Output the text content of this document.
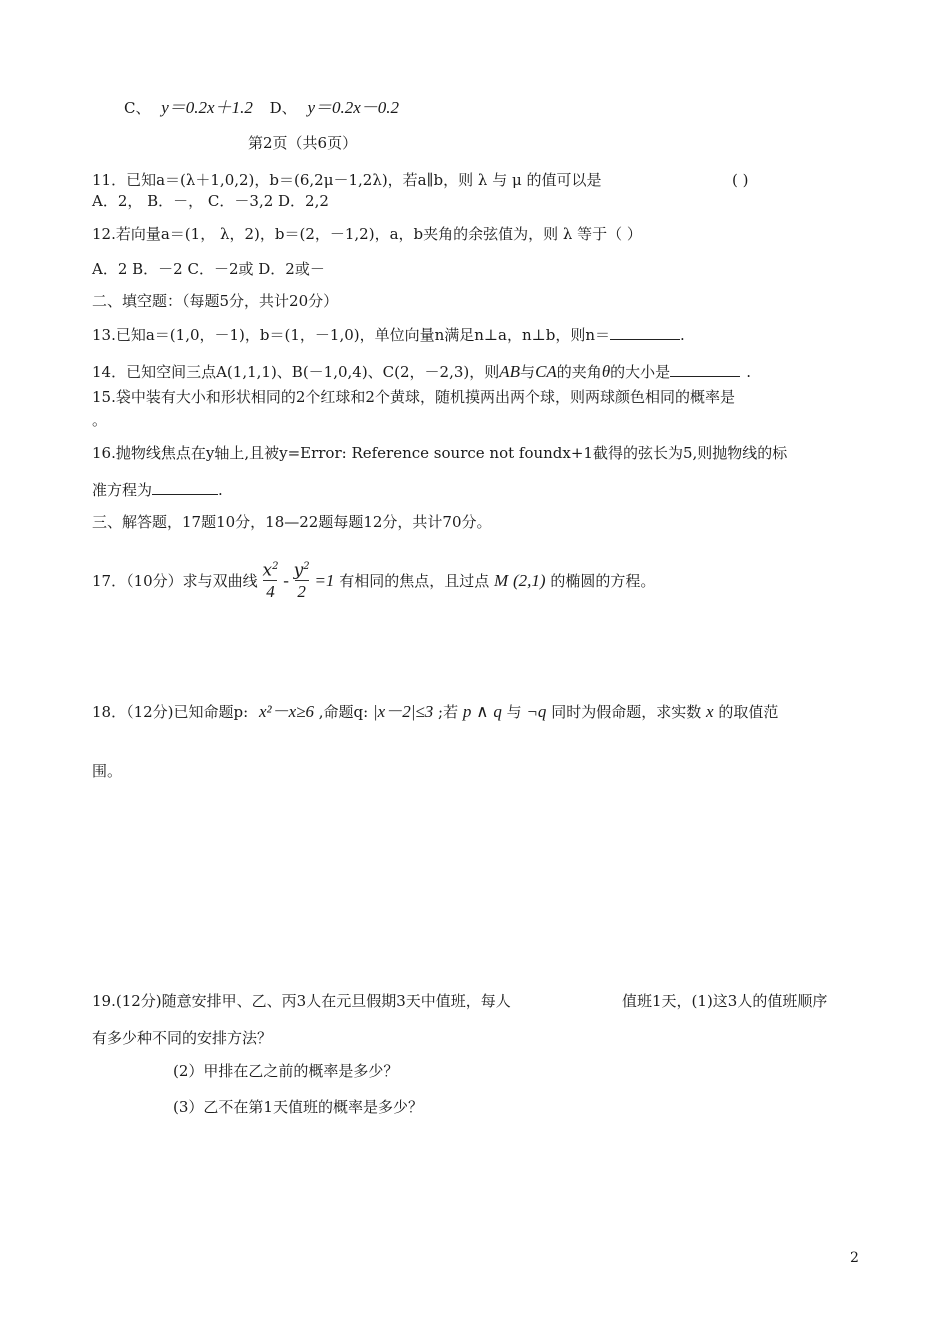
C、 y＝0.2x＋1.2 D、 y＝0.2x－0.2
第2页（共6页）
11．已知a＝(λ＋1,0,2)，b＝(6,2μ－1,2λ)，若a∥b，则 λ 与 μ 的值可以是	( )
A．2， B．－， C．－3,2 D．2,2
12.若向量a＝(1， λ，2)，b＝(2，－1,2)，a，b夹角的余弦值为，则 λ 等于（ ）
A．2 B．－2 C．－2或 D．2或－
二、填空题：（每题5分，共计20分）
13.已知a＝(1,0，－1)，b＝(1，－1,0)，单位向量n满足n⊥a，n⊥b，则n＝	.
14．已知空间三点A(1,1,1)、B(－1,0,4)、C(2，－2,3)，则AB与CA的夹角θ的大小是	.
15.袋中装有大小和形状相同的2个红球和2个黄球，随机摸两出两个球，则两球颜色相同的概率是
。
16.抛物线焦点在y轴上,且被y=Error: Reference source not foundx+1截得的弦长为5,则抛物线的标
准方程为	.
三、解答题，17题10分，18—22题每题12分，共计70分。
17．（10分）求与双曲线 $\frac{x^2}{4} - \frac{y^2}{2} =1$ 有相同的焦点，且过点 M (2,1) 的椭圆的方程。
18．（12分)已知命题p: x²－x≥6 ,命题q: |x－2|≤3 ;若 p ∧ q 与 ¬q 同时为假命题，求实数 x 的取值范
围。
19.(12分)随意安排甲、乙、丙3人在元旦假期3天中值班，每人	值班1天，(1)这3人的值班顺序
有多少种不同的安排方法？
(2）甲排在乙之前的概率是多少？
(3）乙不在第1天值班的概率是多少？
2
